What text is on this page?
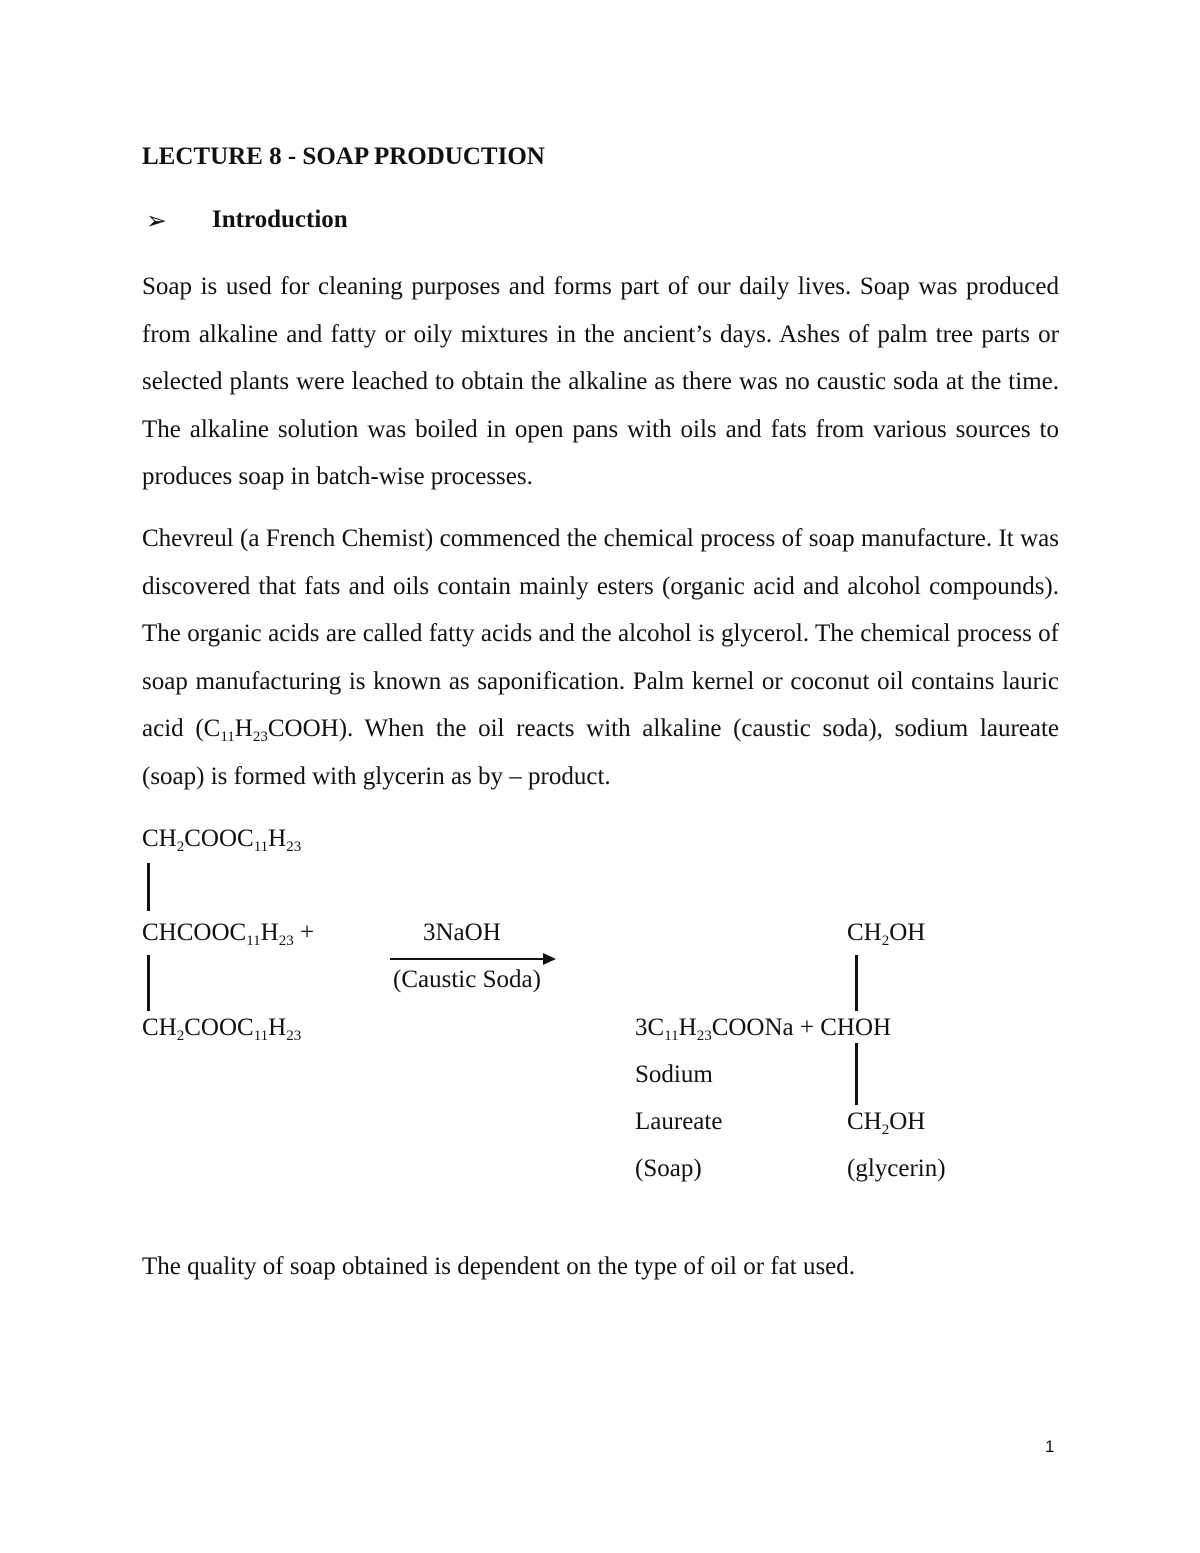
LECTURE 8 - SOAP PRODUCTION
➢ Introduction

Soap is used for cleaning purposes and forms part of our daily lives. Soap was produced from alkaline and fatty or oily mixtures in the ancient’s days. Ashes of palm tree parts or selected plants were leached to obtain the alkaline as there was no caustic soda at the time. The alkaline solution was boiled in open pans with oils and fats from various sources to produces soap in batch-wise processes.

Chevreul (a French Chemist) commenced the chemical process of soap manufacture. It was discovered that fats and oils contain mainly esters (organic acid and alcohol compounds). The organic acids are called fatty acids and the alcohol is glycerol. The chemical process of soap manufacturing is known as saponification. Palm kernel or coconut oil contains lauric acid $(C_{11}H_{23}COOH)$. When the oil reacts with alkaline (caustic soda), sodium laureate (soap) is formed with glycerin as by – product.

The quality of soap obtained is dependent on the type of oil or fat used.

$CH_2COOC_{11}H_{23}$
$CHCOOC_{11}H_{23}$ +
$CH_2COOC_{11}H_{23}$
3NaOH
(Caustic Soda)
$CH_2OH$
$3C_{11}H_{23}COONa$ + CHOH
Sodium
Laureate
(Soap)
$CH_2OH$
(glycerin)
1
